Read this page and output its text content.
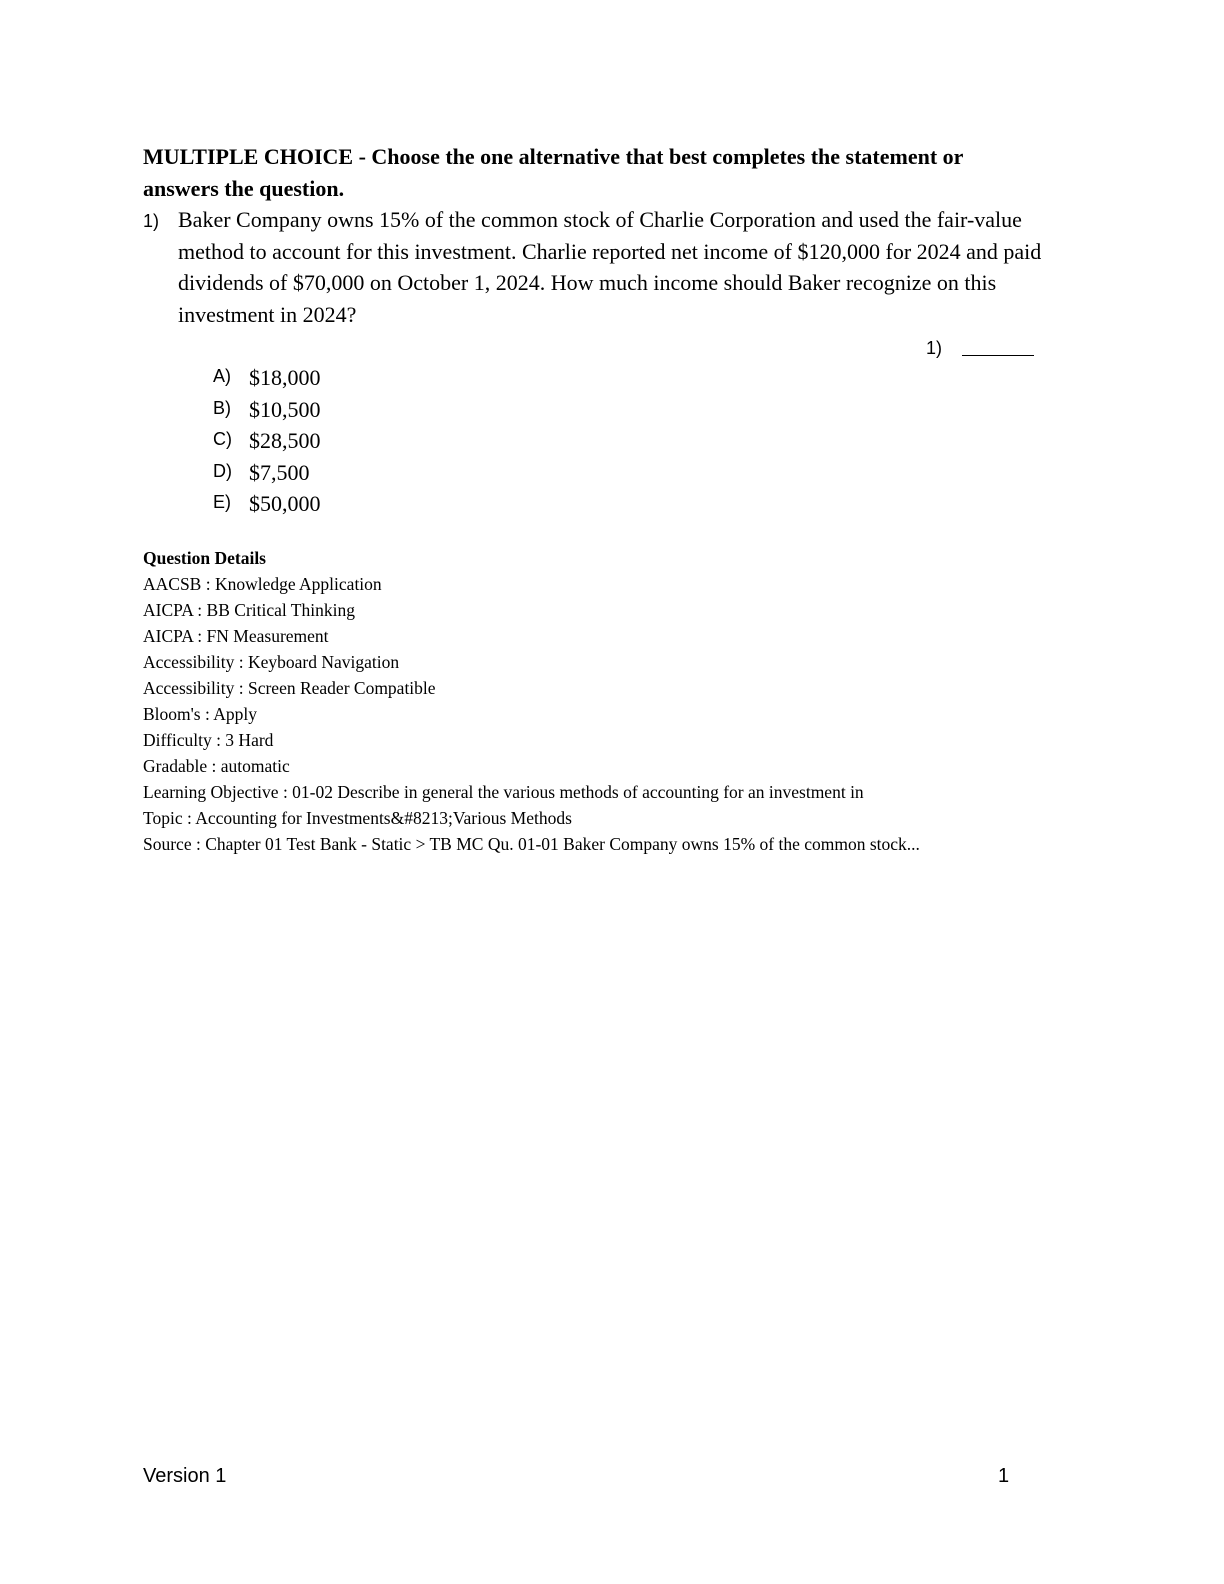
MULTIPLE CHOICE - Choose the one alternative that best completes the statement or answers the question.
1) Baker Company owns 15% of the common stock of Charlie Corporation and used the fair-value method to account for this investment. Charlie reported net income of $120,000 for 2024 and paid dividends of $70,000 on October 1, 2024. How much income should Baker recognize on this investment in 2024?
1)
A) $18,000
B) $10,500
C) $28,500
D) $7,500
E) $50,000
Question Details
AACSB : Knowledge Application
AICPA : BB Critical Thinking
AICPA : FN Measurement
Accessibility : Keyboard Navigation
Accessibility : Screen Reader Compatible
Bloom's : Apply
Difficulty : 3 Hard
Gradable : automatic
Learning Objective : 01-02 Describe in general the various methods of accounting for an investment in
Topic : Accounting for Investments&#8213;Various Methods
Source : Chapter 01 Test Bank - Static > TB MC Qu. 01-01 Baker Company owns 15% of the common stock...
Version 1	1
